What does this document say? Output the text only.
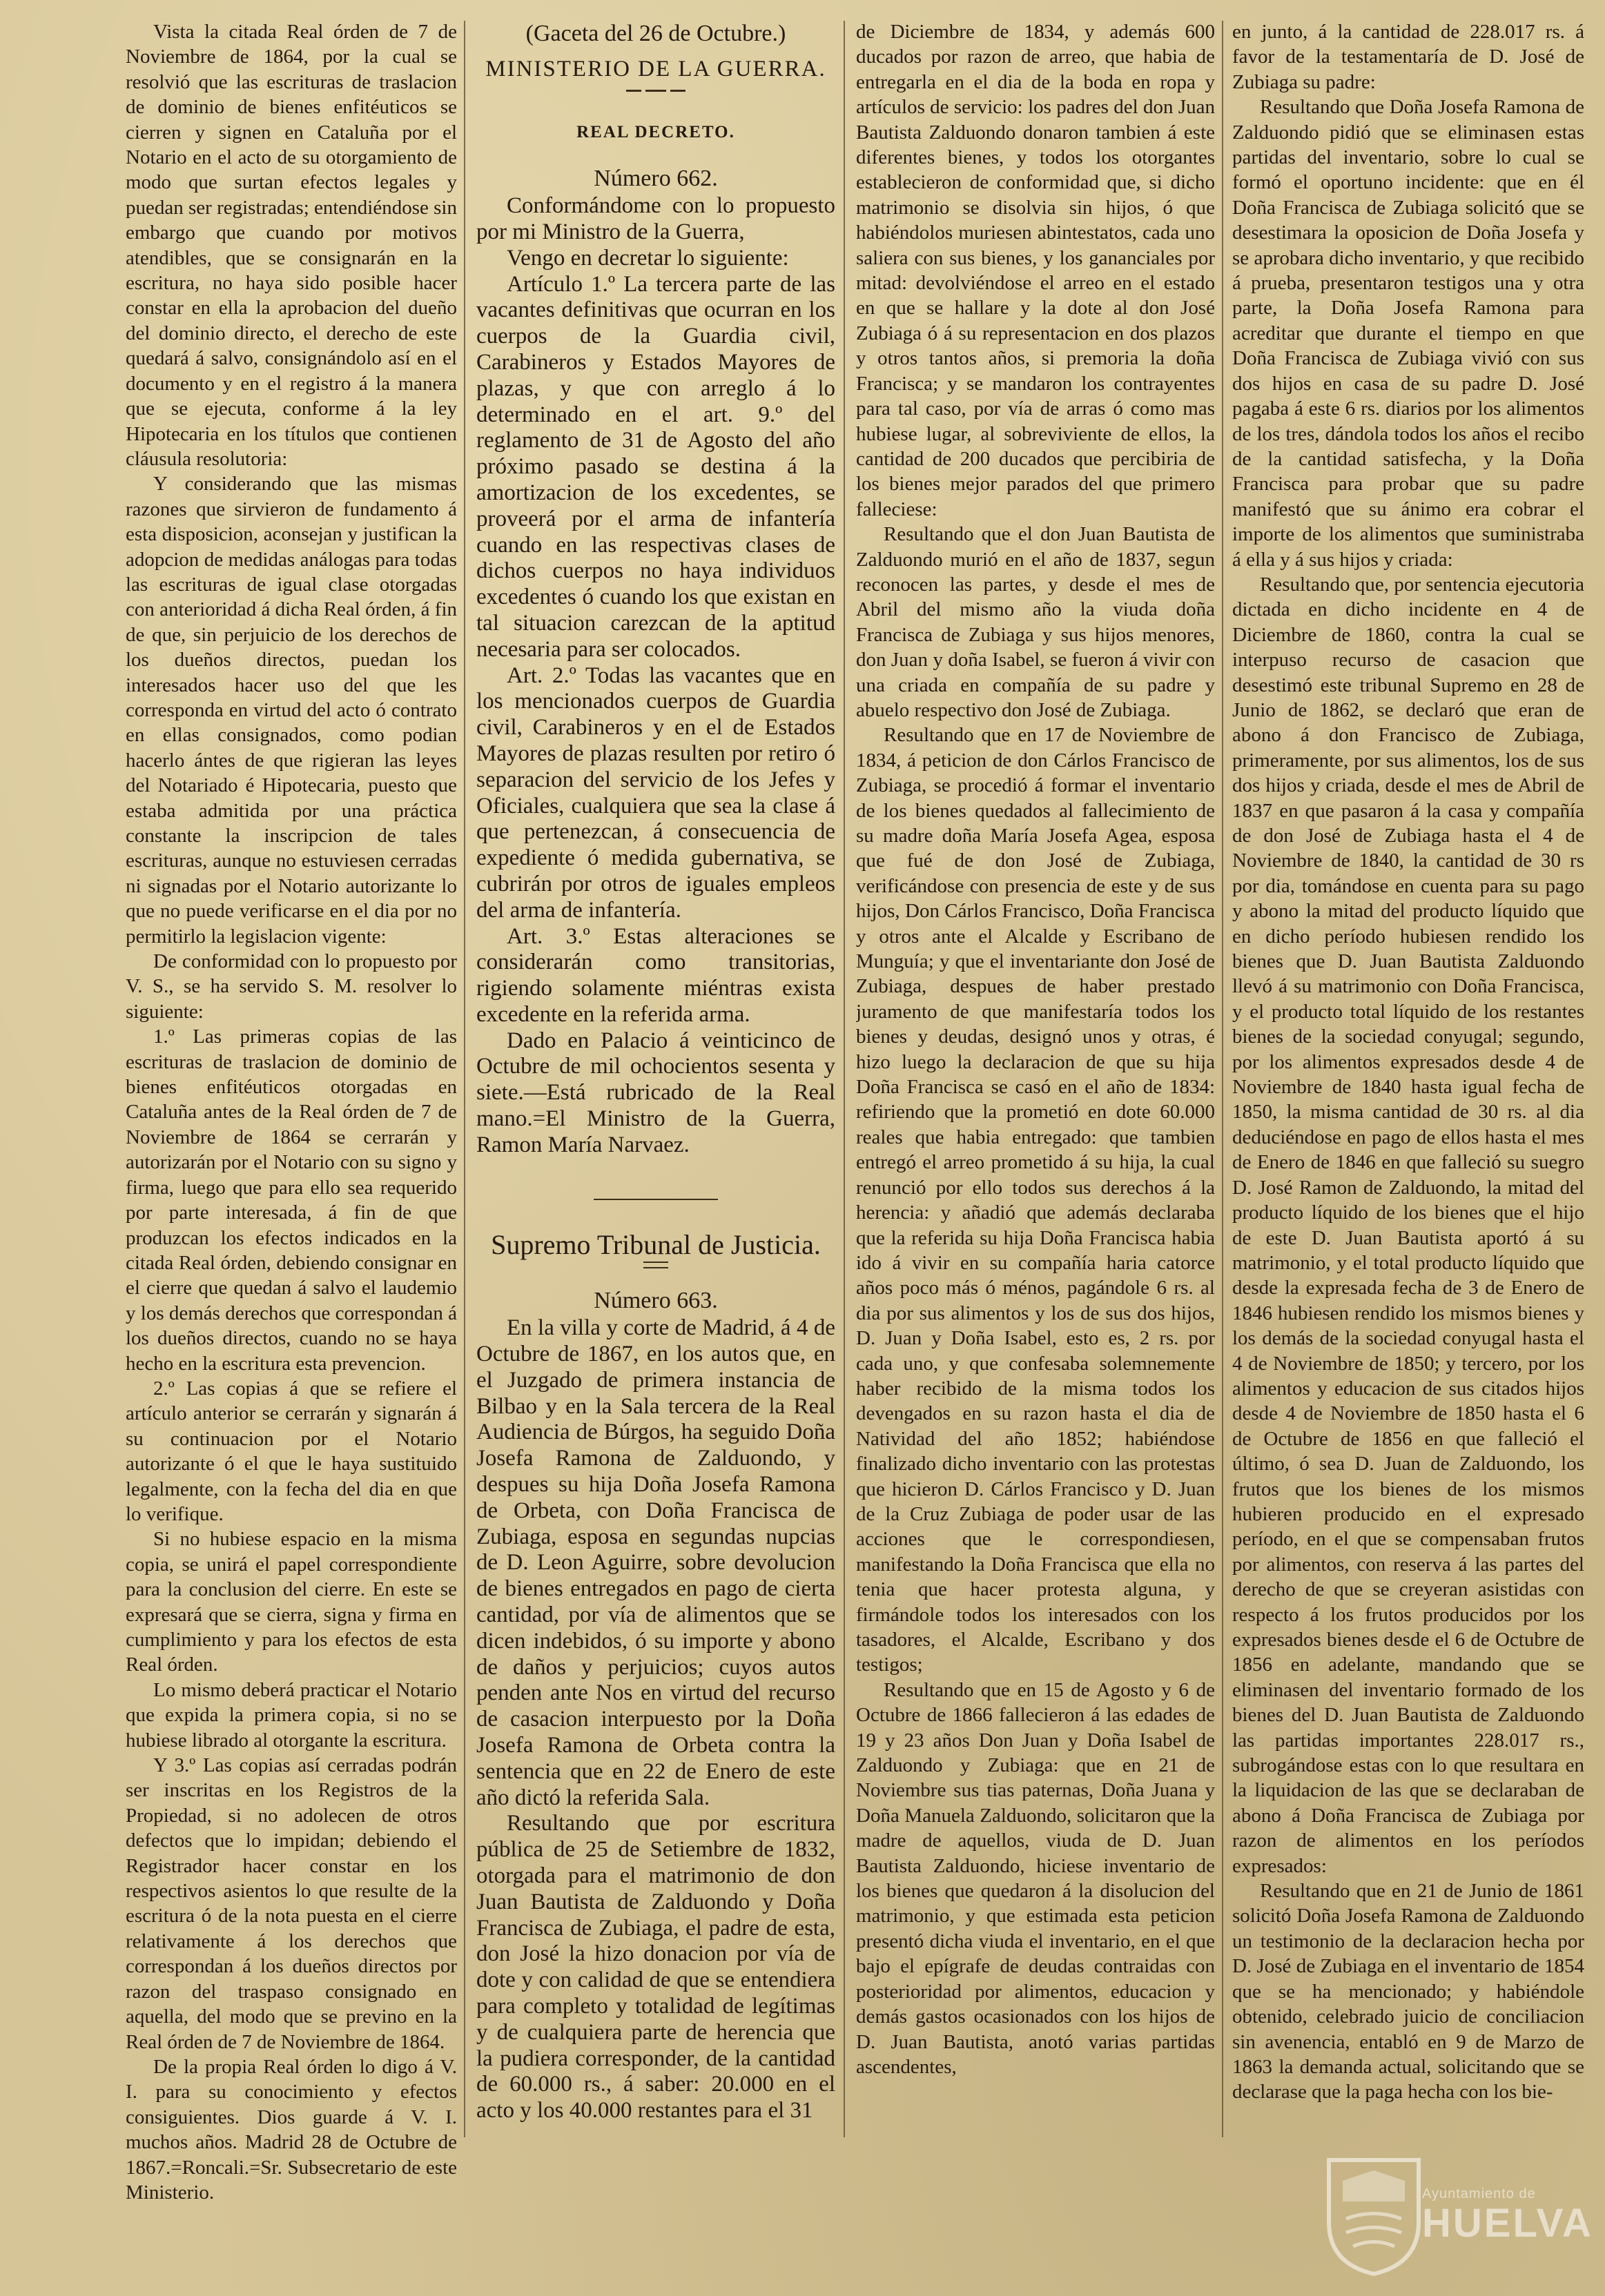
Vista la citada Real órden de 7 de Noviembre de 1864, por la cual se resolvió que las escrituras de traslacion de dominio de bienes enfitéuticos se cierren y signen en Cataluña por el Notario en el acto de su otorgamiento de modo que surtan efectos legales y puedan ser registradas; entendiéndose sin embargo que cuando por motivos atendibles, que se consignarán en la escritura, no haya sido posible hacer constar en ella la aprobacion del dueño del dominio directo, el derecho de este quedará á salvo, consignándolo así en el documento y en el registro á la manera que se ejecuta, conforme á la ley Hipotecaria en los títulos que contienen cláusula resolutoria:

Y considerando que las mismas razones que sirvieron de fundamento á esta disposicion, aconsejan y justifican la adopcion de medidas análogas para todas las escrituras de igual clase otorgadas con anterioridad á dicha Real órden, á fin de que, sin perjuicio de los derechos de los dueños directos, puedan los interesados hacer uso del que les corresponda en virtud del acto ó contrato en ellas consignados, como podian hacerlo ántes de que rigieran las leyes del Notariado é Hipotecaria, puesto que estaba admitida por una práctica constante la inscripcion de tales escrituras, aunque no estuviesen cerradas ni signadas por el Notario autorizante lo que no puede verificarse en el dia por no permitirlo la legislacion vigente:

De conformidad con lo propuesto por V. S., se ha servido S. M. resolver lo siguiente:

1.º Las primeras copias de las escrituras de traslacion de dominio de bienes enfitéuticos otorgadas en Cataluña antes de la Real órden de 7 de Noviembre de 1864 se cerrarán y autorizarán por el Notario con su signo y firma, luego que para ello sea requerido por parte interesada, á fin de que produzcan los efectos indicados en la citada Real órden, debiendo consignar en el cierre que quedan á salvo el laudemio y los demás derechos que correspondan á los dueños directos, cuando no se haya hecho en la escritura esta prevencion.

2.º Las copias á que se refiere el artículo anterior se cerrarán y signarán á su continuacion por el Notario autorizante ó el que le haya sustituido legalmente, con la fecha del dia en que lo verifique.

Si no hubiese espacio en la misma copia, se unirá el papel correspondiente para la conclusion del cierre. En este se expresará que se cierra, signa y firma en cumplimiento y para los efectos de esta Real órden.

Lo mismo deberá practicar el Notario que expida la primera copia, si no se hubiese librado al otorgante la escritura.

Y 3.º Las copias así cerradas podrán ser inscritas en los Registros de la Propiedad, si no adolecen de otros defectos que lo impidan; debiendo el Registrador hacer constar en los respectivos asientos lo que resulte de la escritura ó de la nota puesta en el cierre relativamente á los derechos que correspondan á los dueños directos por razon del traspaso consignado en aquella, del modo que se previno en la Real órden de 7 de Noviembre de 1864.

De la propia Real órden lo digo á V. I. para su conocimiento y efectos consiguientes. Dios guarde á V. I. muchos años. Madrid 28 de Octubre de 1867.=Roncali.=Sr. Subsecretario de este Ministerio.

(Gaceta del 26 de Octubre.)

MINISTERIO DE LA GUERRA.

REAL DECRETO.

Número 662.

Conformándome con lo propuesto por mi Ministro de la Guerra,

Vengo en decretar lo siguiente:

Artículo 1.º La tercera parte de las vacantes definitivas que ocurran en los cuerpos de la Guardia civil, Carabineros y Estados Mayores de plazas, y que con arreglo á lo determinado en el art. 9.º del reglamento de 31 de Agosto del año próximo pasado se destina á la amortizacion de los excedentes, se proveerá por el arma de infantería cuando en las respectivas clases de dichos cuerpos no haya individuos excedentes ó cuando los que existan en tal situacion carezcan de la aptitud necesaria para ser colocados.

Art. 2.º Todas las vacantes que en los mencionados cuerpos de Guardia civil, Carabineros y en el de Estados Mayores de plazas resulten por retiro ó separacion del servicio de los Jefes y Oficiales, cualquiera que sea la clase á que pertenezcan, á consecuencia de expediente ó medida gubernativa, se cubrirán por otros de iguales empleos del arma de infantería.

Art. 3.º Estas alteraciones se considerarán como transitorias, rigiendo solamente miéntras exista excedente en la referida arma.

Dado en Palacio á veinticinco de Octubre de mil ochocientos sesenta y siete.—Está rubricado de la Real mano.=El Ministro de la Guerra, Ramon María Narvaez.

Supremo Tribunal de Justicia.

Número 663.

En la villa y corte de Madrid, á 4 de Octubre de 1867, en los autos que, en el Juzgado de primera instancia de Bilbao y en la Sala tercera de la Real Audiencia de Búrgos, ha seguido Doña Josefa Ramona de Zalduondo, y despues su hija Doña Josefa Ramona de Orbeta, con Doña Francisca de Zubiaga, esposa en segundas nupcias de D. Leon Aguirre, sobre devolucion de bienes entregados en pago de cierta cantidad, por vía de alimentos que se dicen indebidos, ó su importe y abono de daños y perjuicios; cuyos autos penden ante Nos en virtud del recurso de casacion interpuesto por la Doña Josefa Ramona de Orbeta contra la sentencia que en 22 de Enero de este año dictó la referida Sala.

Resultando que por escritura pública de 25 de Setiembre de 1832, otorgada para el matrimonio de don Juan Bautista de Zalduondo y Doña Francisca de Zubiaga, el padre de esta, don José la hizo donacion por vía de dote y con calidad de que se entendiera para completo y totalidad de legítimas y de cualquiera parte de herencia que la pudiera corresponder, de la cantidad de 60.000 rs., á saber: 20.000 en el acto y los 40.000 restantes para el 31

de Diciembre de 1834, y además 600 ducados por razon de arreo, que habia de entregarla en el dia de la boda en ropa y artículos de servicio: los padres del don Juan Bautista Zalduondo donaron tambien á este diferentes bienes, y todos los otorgantes establecieron de conformidad que, si dicho matrimonio se disolvia sin hijos, ó que habiéndolos muriesen abintestatos, cada uno saliera con sus bienes, y los gananciales por mitad: devolviéndose el arreo en el estado en que se hallare y la dote al don José Zubiaga ó á su representacion en dos plazos y otros tantos años, si premoria la doña Francisca; y se mandaron los contrayentes para tal caso, por vía de arras ó como mas hubiese lugar, al sobreviviente de ellos, la cantidad de 200 ducados que percibiria de los bienes mejor parados del que primero falleciese:

Resultando que el don Juan Bautista de Zalduondo murió en el año de 1837, segun reconocen las partes, y desde el mes de Abril del mismo año la viuda doña Francisca de Zubiaga y sus hijos menores, don Juan y doña Isabel, se fueron á vivir con una criada en compañía de su padre y abuelo respectivo don José de Zubiaga.

Resultando que en 17 de Noviembre de 1834, á peticion de don Cárlos Francisco de Zubiaga, se procedió á formar el inventario de los bienes quedados al fallecimiento de su madre doña María Josefa Agea, esposa que fué de don José de Zubiaga, verificándose con presencia de este y de sus hijos, Don Cárlos Francisco, Doña Francisca y otros ante el Alcalde y Escribano de Munguía; y que el inventariante don José de Zubiaga, despues de haber prestado juramento de que manifestaría todos los bienes y deudas, designó unos y otras, é hizo luego la declaracion de que su hija Doña Francisca se casó en el año de 1834: refiriendo que la prometió en dote 60.000 reales que habia entregado: que tambien entregó el arreo prometido á su hija, la cual renunció por ello todos sus derechos á la herencia: y añadió que además declaraba que la referida su hija Doña Francisca habia ido á vivir en su compañía haria catorce años poco más ó ménos, pagándole 6 rs. al dia por sus alimentos y los de sus dos hijos, D. Juan y Doña Isabel, esto es, 2 rs. por cada uno, y que confesaba solemnemente haber recibido de la misma todos los devengados en su razon hasta el dia de Natividad del año 1852; habiéndose finalizado dicho inventario con las protestas que hicieron D. Cárlos Francisco y D. Juan de la Cruz Zubiaga de poder usar de las acciones que le correspondiesen, manifestando la Doña Francisca que ella no tenia que hacer protesta alguna, y firmándole todos los interesados con los tasadores, el Alcalde, Escribano y dos testigos;

Resultando que en 15 de Agosto y 6 de Octubre de 1866 fallecieron á las edades de 19 y 23 años Don Juan y Doña Isabel de Zalduondo y Zubiaga: que en 21 de Noviembre sus tias paternas, Doña Juana y Doña Manuela Zalduondo, solicitaron que la madre de aquellos, viuda de D. Juan Bautista Zalduondo, hiciese inventario de los bienes que quedaron á la disolucion del matrimonio, y que estimada esta peticion presentó dicha viuda el inventario, en el que bajo el epígrafe de deudas contraidas con posterioridad por alimentos, educacion y demás gastos ocasionados con los hijos de D. Juan Bautista, anotó varias partidas ascendentes,

en junto, á la cantidad de 228.017 rs. á favor de la testamentaría de D. José de Zubiaga su padre:

Resultando que Doña Josefa Ramona de Zalduondo pidió que se eliminasen estas partidas del inventario, sobre lo cual se formó el oportuno incidente: que en él Doña Francisca de Zubiaga solicitó que se desestimara la oposicion de Doña Josefa y se aprobara dicho inventario, y que recibido á prueba, presentaron testigos una y otra parte, la Doña Josefa Ramona para acreditar que durante el tiempo en que Doña Francisca de Zubiaga vivió con sus dos hijos en casa de su padre D. José pagaba á este 6 rs. diarios por los alimentos de los tres, dándola todos los años el recibo de la cantidad satisfecha, y la Doña Francisca para probar que su padre manifestó que su ánimo era cobrar el importe de los alimentos que suministraba á ella y á sus hijos y criada:

Resultando que, por sentencia ejecutoria dictada en dicho incidente en 4 de Diciembre de 1860, contra la cual se interpuso recurso de casacion que desestimó este tribunal Supremo en 28 de Junio de 1862, se declaró que eran de abono á don Francisco de Zubiaga, primeramente, por sus alimentos, los de sus dos hijos y criada, desde el mes de Abril de 1837 en que pasaron á la casa y compañía de don José de Zubiaga hasta el 4 de Noviembre de 1840, la cantidad de 30 rs por dia, tomándose en cuenta para su pago y abono la mitad del producto líquido que en dicho período hubiesen rendido los bienes que D. Juan Bautista Zalduondo llevó á su matrimonio con Doña Francisca, y el producto total líquido de los restantes bienes de la sociedad conyugal; segundo, por los alimentos expresados desde 4 de Noviembre de 1840 hasta igual fecha de 1850, la misma cantidad de 30 rs. al dia deduciéndose en pago de ellos hasta el mes de Enero de 1846 en que falleció su suegro D. José Ramon de Zalduondo, la mitad del producto líquido de los bienes que el hijo de este D. Juan Bautista aportó á su matrimonio, y el total producto líquido que desde la expresada fecha de 3 de Enero de 1846 hubiesen rendido los mismos bienes y los demás de la sociedad conyugal hasta el 4 de Noviembre de 1850; y tercero, por los alimentos y educacion de sus citados hijos desde 4 de Noviembre de 1850 hasta el 6 de Octubre de 1856 en que falleció el último, ó sea D. Juan de Zalduondo, los frutos que los bienes de los mismos hubieren producido en el expresado período, en el que se compensaban frutos por alimentos, con reserva á las partes del derecho de que se creyeran asistidas con respecto á los frutos producidos por los expresados bienes desde el 6 de Octubre de 1856 en adelante, mandando que se eliminasen del inventario formado de los bienes del D. Juan Bautista de Zalduondo las partidas importantes 228.017 rs., subrogándose estas con lo que resultara en la liquidacion de las que se declaraban de abono á Doña Francisca de Zubiaga por razon de alimentos en los períodos expresados:

Resultando que en 21 de Junio de 1861 solicitó Doña Josefa Ramona de Zalduondo un testimonio de la declaracion hecha por D. José de Zubiaga en el inventario de 1854 que se ha mencionado; y habiéndole obtenido, celebrado juicio de conciliacion sin avenencia, entabló en 9 de Marzo de 1863 la demanda actual, solicitando que se declarase que la paga hecha con los bie-

Ayuntamiento de
HUELVA
